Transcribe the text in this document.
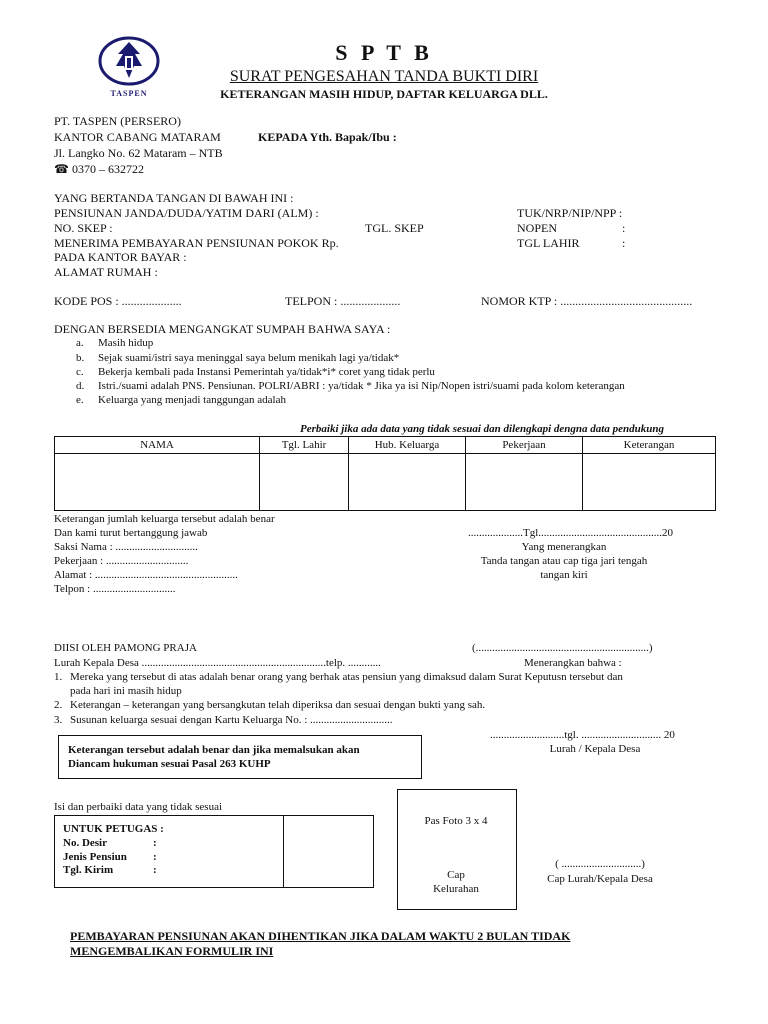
TASPEN
S P T B
SURAT PENGESAHAN TANDA BUKTI DIRI
KETERANGAN MASIH HIDUP, DAFTAR KELUARGA DLL.
PT. TASPEN (PERSERO)
KANTOR CABANG MATARAM
Jl. Langko No. 62 Mataram – NTB
☎ 0370 – 632722
KEPADA Yth. Bapak/Ibu :
YANG BERTANDA TANGAN DI BAWAH INI :
PENSIUNAN JANDA/DUDA/YATIM DARI (ALM) :
NO. SKEP :	TGL. SKEP
MENERIMA PEMBAYARAN PENSIUNAN POKOK Rp.
PADA KANTOR BAYAR :
ALAMAT RUMAH :
TUK/NRP/NIP/NPP :
NOPEN	:
TGL LAHIR	:
KODE POS : ....................	TELPON : ....................	NOMOR KTP : ............................................
DENGAN BERSEDIA MENGANGKAT SUMPAH BAHWA SAYA :
a. Masih hidup
b. Sejak suami/istri saya meninggal saya belum menikah lagi ya/tidak*
c. Bekerja kembali pada Instansi Pemerintah ya/tidak*i* coret yang tidak perlu
d. Istri./suami adalah PNS. Pensiunan. POLRI/ABRI : ya/tidak * Jika ya isi Nip/Nopen istri/suami pada kolom keterangan
e. Keluarga yang menjadi tanggungan adalah
Perbaiki jika ada data yang tidak sesuai dan dilengkapi dengna data pendukung
NAMA	Tgl. Lahir	Hub. Keluarga	Pekerjaan	Keterangan

Keterangan jumlah keluarga tersebut adalah benar
Dan kami turut bertanggung jawab
Saksi Nama : ..............................
Pekerjaan : ..............................
Alamat : ....................................................
Telpon : ..............................
....................Tgl.............................................20
Yang menerangkan
Tanda tangan atau cap tiga jari tengah
tangan kiri
DIISI OLEH PAMONG PRAJA	(...............................................................)
Lurah Kepala Desa ...................................................................telp. ............	Menerangkan bahwa :
1. Mereka yang tersebut di atas adalah benar orang yang berhak atas pensiun yang dimaksud dalam Surat Keputusn tersebut dan
pada hari ini masih hidup
2. Keterangan – keterangan yang bersangkutan telah diperiksa dan sesuai dengan bukti yang sah.
3. Susunan keluarga sesuai dengan Kartu Keluarga No. : ..............................
...........................tgl. ............................. 20
Lurah / Kepala Desa
Keterangan tersebut adalah benar dan jika memalsukan akan
Diancam hukuman sesuai Pasal 263 KUHP
Isi dan perbaiki data yang tidak sesuai
UNTUK PETUGAS :
No. Desir	:
Jenis Pensiun :
Tgl. Kirim	:
Pas Foto 3 x 4
Cap
Kelurahan
( .............................)
Cap Lurah/Kepala Desa
PEMBAYARAN PENSIUNAN AKAN DIHENTIKAN JIKA DALAM WAKTU 2 BULAN TIDAK
MENGEMBALIKAN FORMULIR INI
